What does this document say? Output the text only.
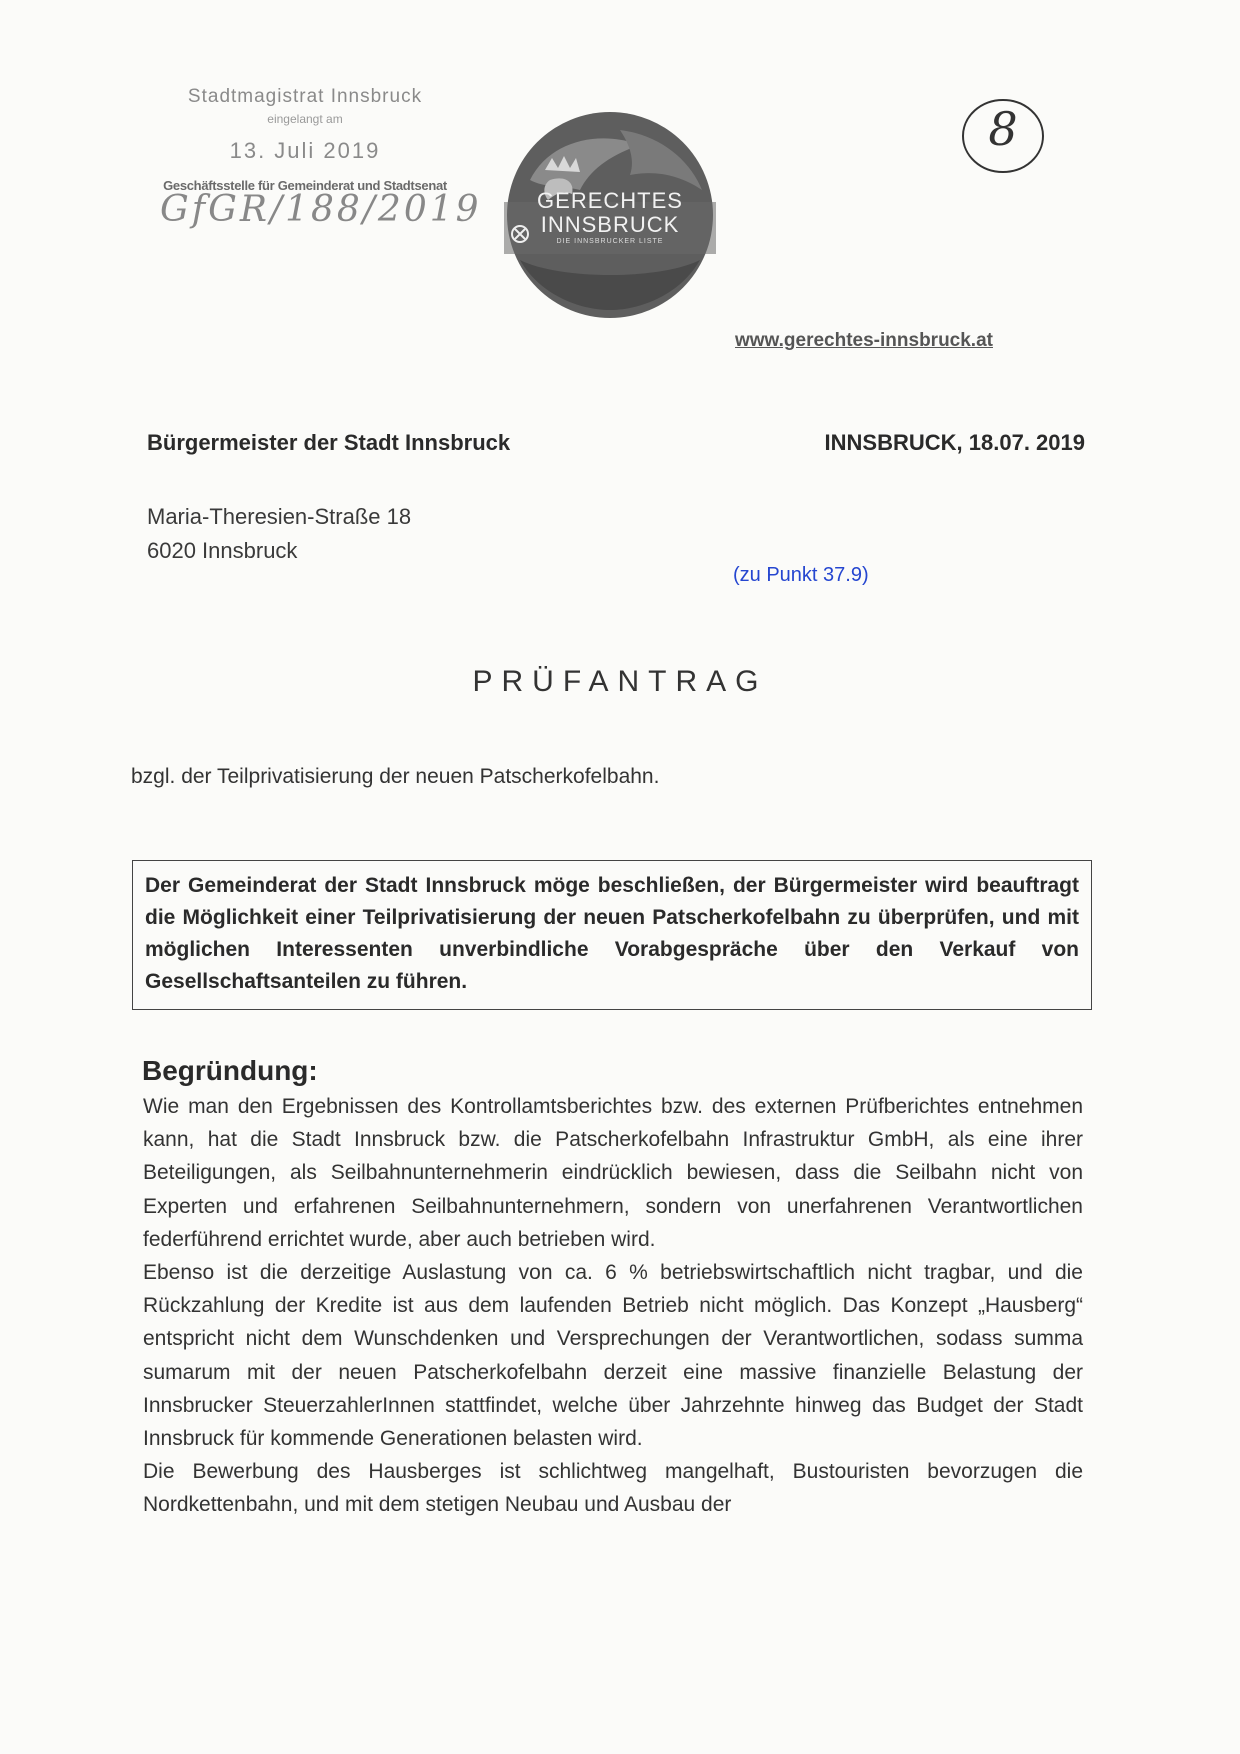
Stadtmagistrat Innsbruck
eingelangt am
13. Juli 2019
Geschäftsstelle für Gemeinderat und Stadtsenat
GfGR/188/2019	GERECHTES
INNSBRUCK
DIE INNSBRUCKER LISTE
8
www.gerechtes-innsbruck.at
Bürgermeister der Stadt Innsbruck	INNSBRUCK, 18.07. 2019
Maria-Theresien-Straße 18
6020 Innsbruck
(zu Punkt 37.9)
PRÜFANTRAG
bzgl. der Teilprivatisierung der neuen Patscherkofelbahn.

Der Gemeinderat der Stadt Innsbruck möge beschließen, der Bürgermeister wird beauftragt die Möglichkeit einer Teilprivatisierung der neuen Patscherkofelbahn zu überprüfen, und mit möglichen Interessenten unverbindliche Vorabgespräche über den Verkauf von Gesellschaftsanteilen zu führen.

Begründung:

Wie man den Ergebnissen des Kontrollamtsberichtes bzw. des externen Prüfberichtes entnehmen kann, hat die Stadt Innsbruck bzw. die Patscherkofelbahn Infrastruktur GmbH, als eine ihrer Beteiligungen, als Seilbahnunternehmerin eindrücklich bewiesen, dass die Seilbahn nicht von Experten und erfahrenen Seilbahnunternehmern, sondern von unerfahrenen Verantwortlichen federführend errichtet wurde, aber auch betrieben wird.

Ebenso ist die derzeitige Auslastung von ca. 6 % betriebswirtschaftlich nicht tragbar, und die Rückzahlung der Kredite ist aus dem laufenden Betrieb nicht möglich. Das Konzept „Hausberg“ entspricht nicht dem Wunschdenken und Versprechungen der Verantwortlichen, sodass summa sumarum mit der neuen Patscherkofelbahn derzeit eine massive finanzielle Belastung der Innsbrucker SteuerzahlerInnen stattfindet, welche über Jahrzehnte hinweg das Budget der Stadt Innsbruck für kommende Generationen belasten wird.

Die Bewerbung des Hausberges ist schlichtweg mangelhaft, Bustouristen bevorzugen die Nordkettenbahn, und mit dem stetigen Neubau und Ausbau der
